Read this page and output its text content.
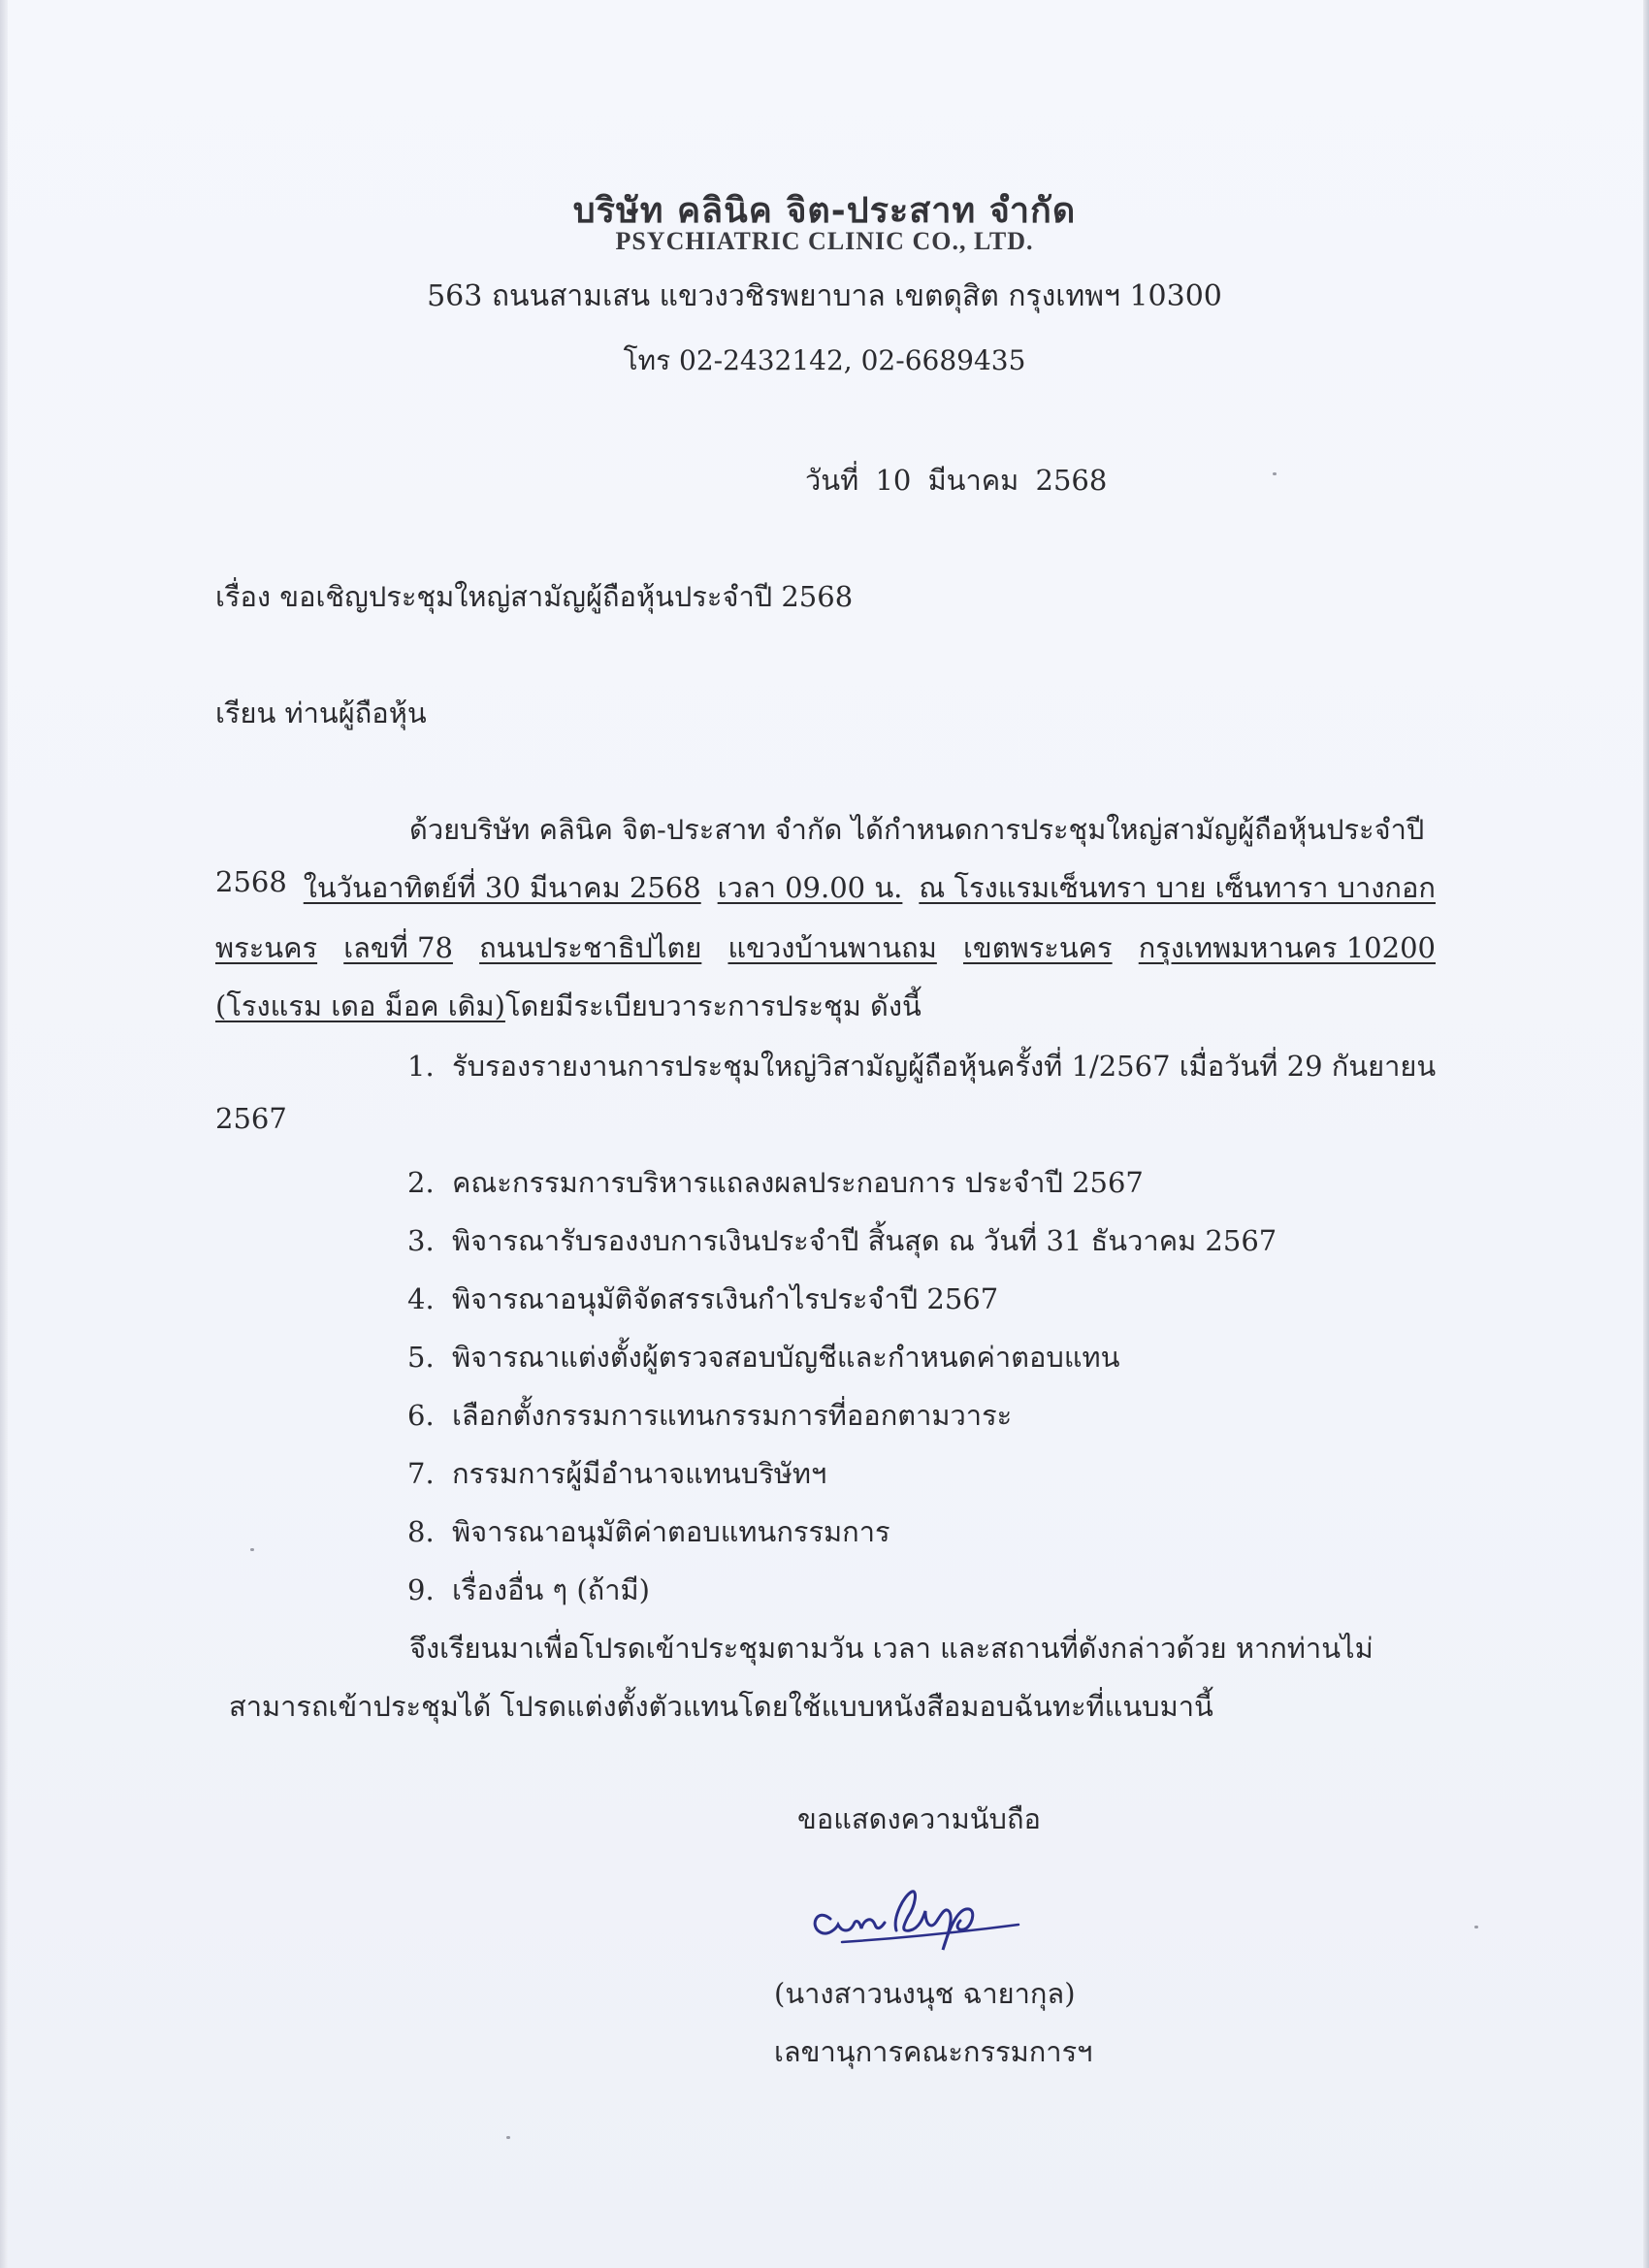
บริษัท คลินิค จิต-ประสาท จำกัด
PSYCHIATRIC CLINIC CO., LTD.
563 ถนนสามเสน แขวงวชิรพยาบาล เขตดุสิต กรุงเทพฯ 10300
โทร 02-2432142, 02-6689435
วันที่ 10 มีนาคม 2568
เรื่อง ขอเชิญประชุมใหญ่สามัญผู้ถือหุ้นประจำปี 2568
เรียน ท่านผู้ถือหุ้น
ด้วยบริษัท คลินิค จิต-ประสาท จำกัด ได้กำหนดการประชุมใหญ่สามัญผู้ถือหุ้นประจำปี
2568 ในวันอาทิตย์ที่ 30 มีนาคม 2568 เวลา 09.00 น. ณ โรงแรมเซ็นทรา บาย เซ็นทารา บางกอก
พระนคร เลขที่ 78 ถนนประชาธิปไตย แขวงบ้านพานถม เขตพระนคร กรุงเทพมหานคร 10200
(โรงแรม เดอ ม็อค เดิม)โดยมีระเบียบวาระการประชุม ดังนี้
1. รับรองรายงานการประชุมใหญ่วิสามัญผู้ถือหุ้นครั้งที่ 1/2567 เมื่อวันที่ 29 กันยายน
2567
2. คณะกรรมการบริหารแถลงผลประกอบการ ประจำปี 2567
3. พิจารณารับรองงบการเงินประจำปี สิ้นสุด ณ วันที่ 31 ธันวาคม 2567
4. พิจารณาอนุมัติจัดสรรเงินกำไรประจำปี 2567
5. พิจารณาแต่งตั้งผู้ตรวจสอบบัญชีและกำหนดค่าตอบแทน
6. เลือกตั้งกรรมการแทนกรรมการที่ออกตามวาระ
7. กรรมการผู้มีอำนาจแทนบริษัทฯ
8. พิจารณาอนุมัติค่าตอบแทนกรรมการ
9. เรื่องอื่น ๆ (ถ้ามี)
จึงเรียนมาเพื่อโปรดเข้าประชุมตามวัน เวลา และสถานที่ดังกล่าวด้วย หากท่านไม่
สามารถเข้าประชุมได้ โปรดแต่งตั้งตัวแทนโดยใช้แบบหนังสือมอบฉันทะที่แนบมานี้
ขอแสดงความนับถือ
(นางสาวนงนุช ฉายากุล)
เลขานุการคณะกรรมการฯ
